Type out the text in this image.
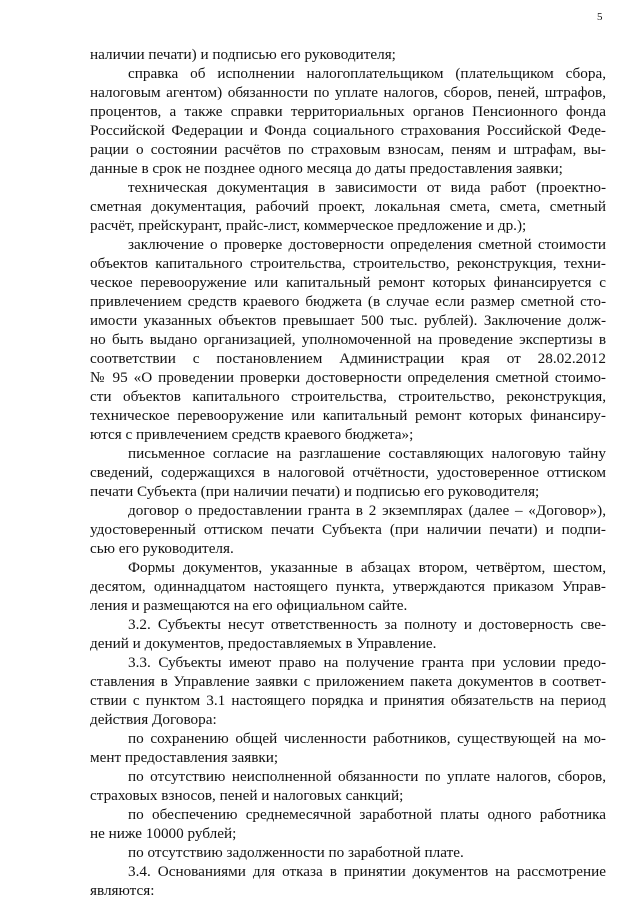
5
наличии печати) и подписью его руководителя;
справка об исполнении налогоплательщиком (плательщиком сбора,
налоговым агентом) обязанности по уплате налогов, сборов, пеней, штрафов,
процентов, а также справки территориальных органов Пенсионного фонда
Российской Федерации и Фонда социального страхования Российской Феде-
рации о состоянии расчётов по страховым взносам, пеням и штрафам, вы-
данные в срок не позднее одного месяца до даты предоставления заявки;
техническая документация в зависимости от вида работ (проектно-
сметная документация, рабочий проект, локальная смета, смета, сметный
расчёт, прейскурант, прайс-лист, коммерческое предложение и др.);
заключение о проверке достоверности определения сметной стоимости
объектов капитального строительства, строительство, реконструкция, техни-
ческое перевооружение или капитальный ремонт которых финансируется с
привлечением средств краевого бюджета (в случае если размер сметной сто-
имости указанных объектов превышает 500 тыс. рублей). Заключение долж-
но быть выдано организацией, уполномоченной на проведение экспертизы в
соответствии с постановлением Администрации края от 28.02.2012
№ 95 «О проведении проверки достоверности определения сметной стоимо-
сти объектов капитального строительства, строительство, реконструкция,
техническое перевооружение или капитальный ремонт которых финансиру-
ются с привлечением средств краевого бюджета»;
письменное согласие на разглашение составляющих налоговую тайну
сведений, содержащихся в налоговой отчётности, удостоверенное оттиском
печати Субъекта (при наличии печати) и подписью его руководителя;
договор о предоставлении гранта в 2 экземплярах (далее – «Договор»),
удостоверенный оттиском печати Субъекта (при наличии печати) и подпи-
сью его руководителя.
Формы документов, указанные в абзацах втором, четвёртом, шестом,
десятом, одиннадцатом настоящего пункта, утверждаются приказом Управ-
ления и размещаются на его официальном сайте.
3.2. Субъекты несут ответственность за полноту и достоверность све-
дений и документов, предоставляемых в Управление.
3.3. Субъекты имеют право на получение гранта при условии предо-
ставления в Управление заявки с приложением пакета документов в соответ-
ствии с пунктом 3.1 настоящего порядка и принятия обязательств на период
действия Договора:
по сохранению общей численности работников, существующей на мо-
мент предоставления заявки;
по отсутствию неисполненной обязанности по уплате налогов, сборов,
страховых взносов, пеней и налоговых санкций;
по обеспечению среднемесячной заработной платы одного работника
не ниже 10000 рублей;
по отсутствию задолженности по заработной плате.
3.4. Основаниями для отказа в принятии документов на рассмотрение
являются:
